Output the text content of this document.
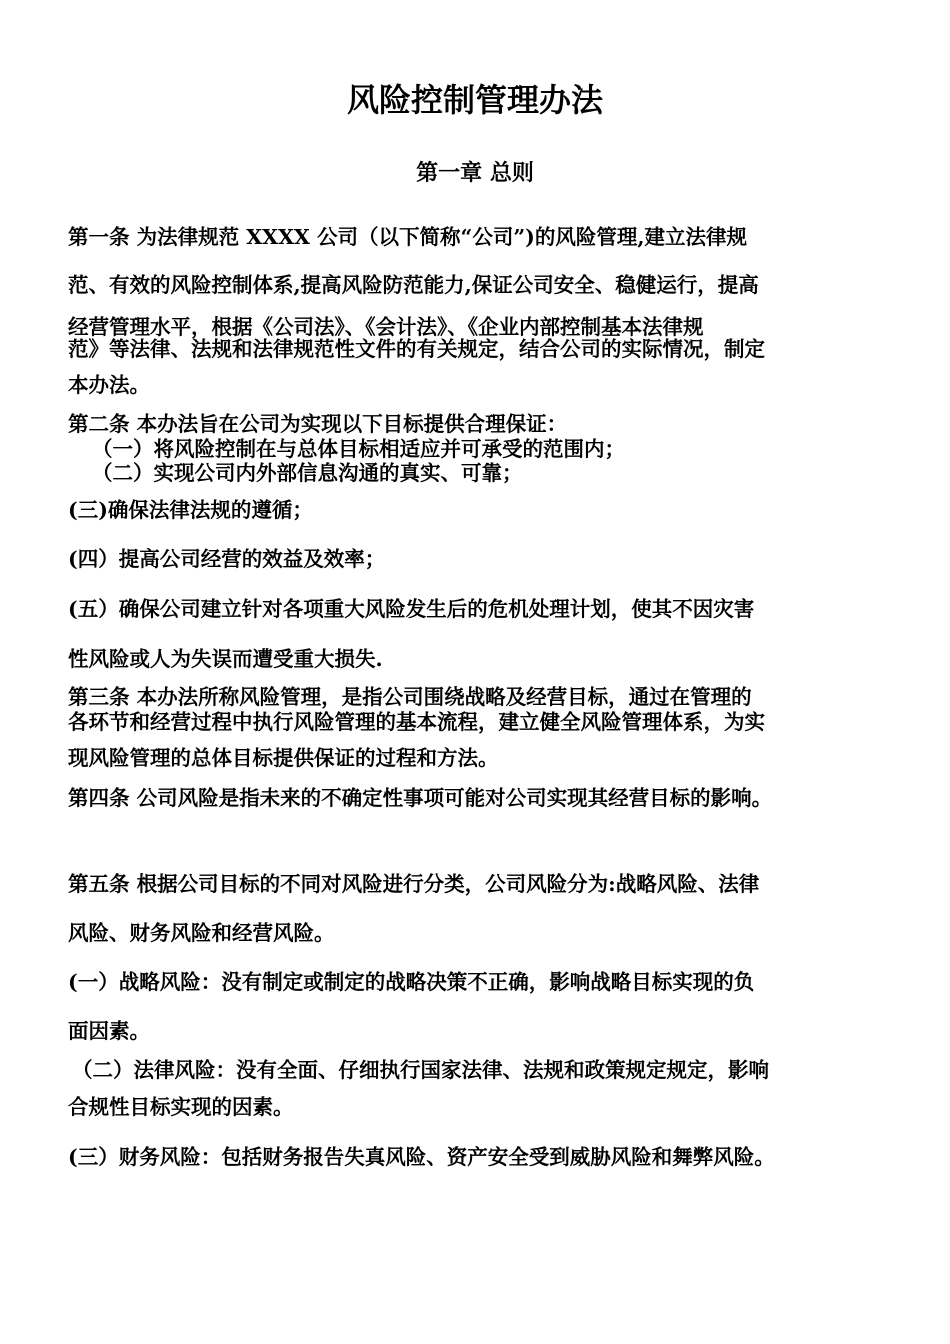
风险控制管理办法
第一章 总则
第一条 为法律规范 XXXX 公司（以下简称“公司”)的风险管理,建立法律规
范、有效的风险控制体系,提高风险防范能力,保证公司安全、稳健运行，提高
经营管理水平，根据《公司法》、《会计法》、《企业内部控制基本法律规
范》等法律、法规和法律规范性文件的有关规定，结合公司的实际情况，制定
本办法。
第二条 本办法旨在公司为实现以下目标提供合理保证：
（一）将风险控制在与总体目标相适应并可承受的范围内；
（二）实现公司内外部信息沟通的真实、可靠；
(三)确保法律法规的遵循；
(四）提高公司经营的效益及效率；
(五）确保公司建立针对各项重大风险发生后的危机处理计划，使其不因灾害
性风险或人为失误而遭受重大损失.
第三条 本办法所称风险管理，是指公司围绕战略及经营目标，通过在管理的
各环节和经营过程中执行风险管理的基本流程，建立健全风险管理体系，为实
现风险管理的总体目标提供保证的过程和方法。
第四条 公司风险是指未来的不确定性事项可能对公司实现其经营目标的影响。
第五条 根据公司目标的不同对风险进行分类，公司风险分为:战略风险、法律
风险、财务风险和经营风险。
(一）战略风险：没有制定或制定的战略决策不正确，影响战略目标实现的负
面因素。
（二）法律风险：没有全面、仔细执行国家法律、法规和政策规定规定，影响
合规性目标实现的因素。
(三）财务风险：包括财务报告失真风险、资产安全受到威胁风险和舞弊风险。
